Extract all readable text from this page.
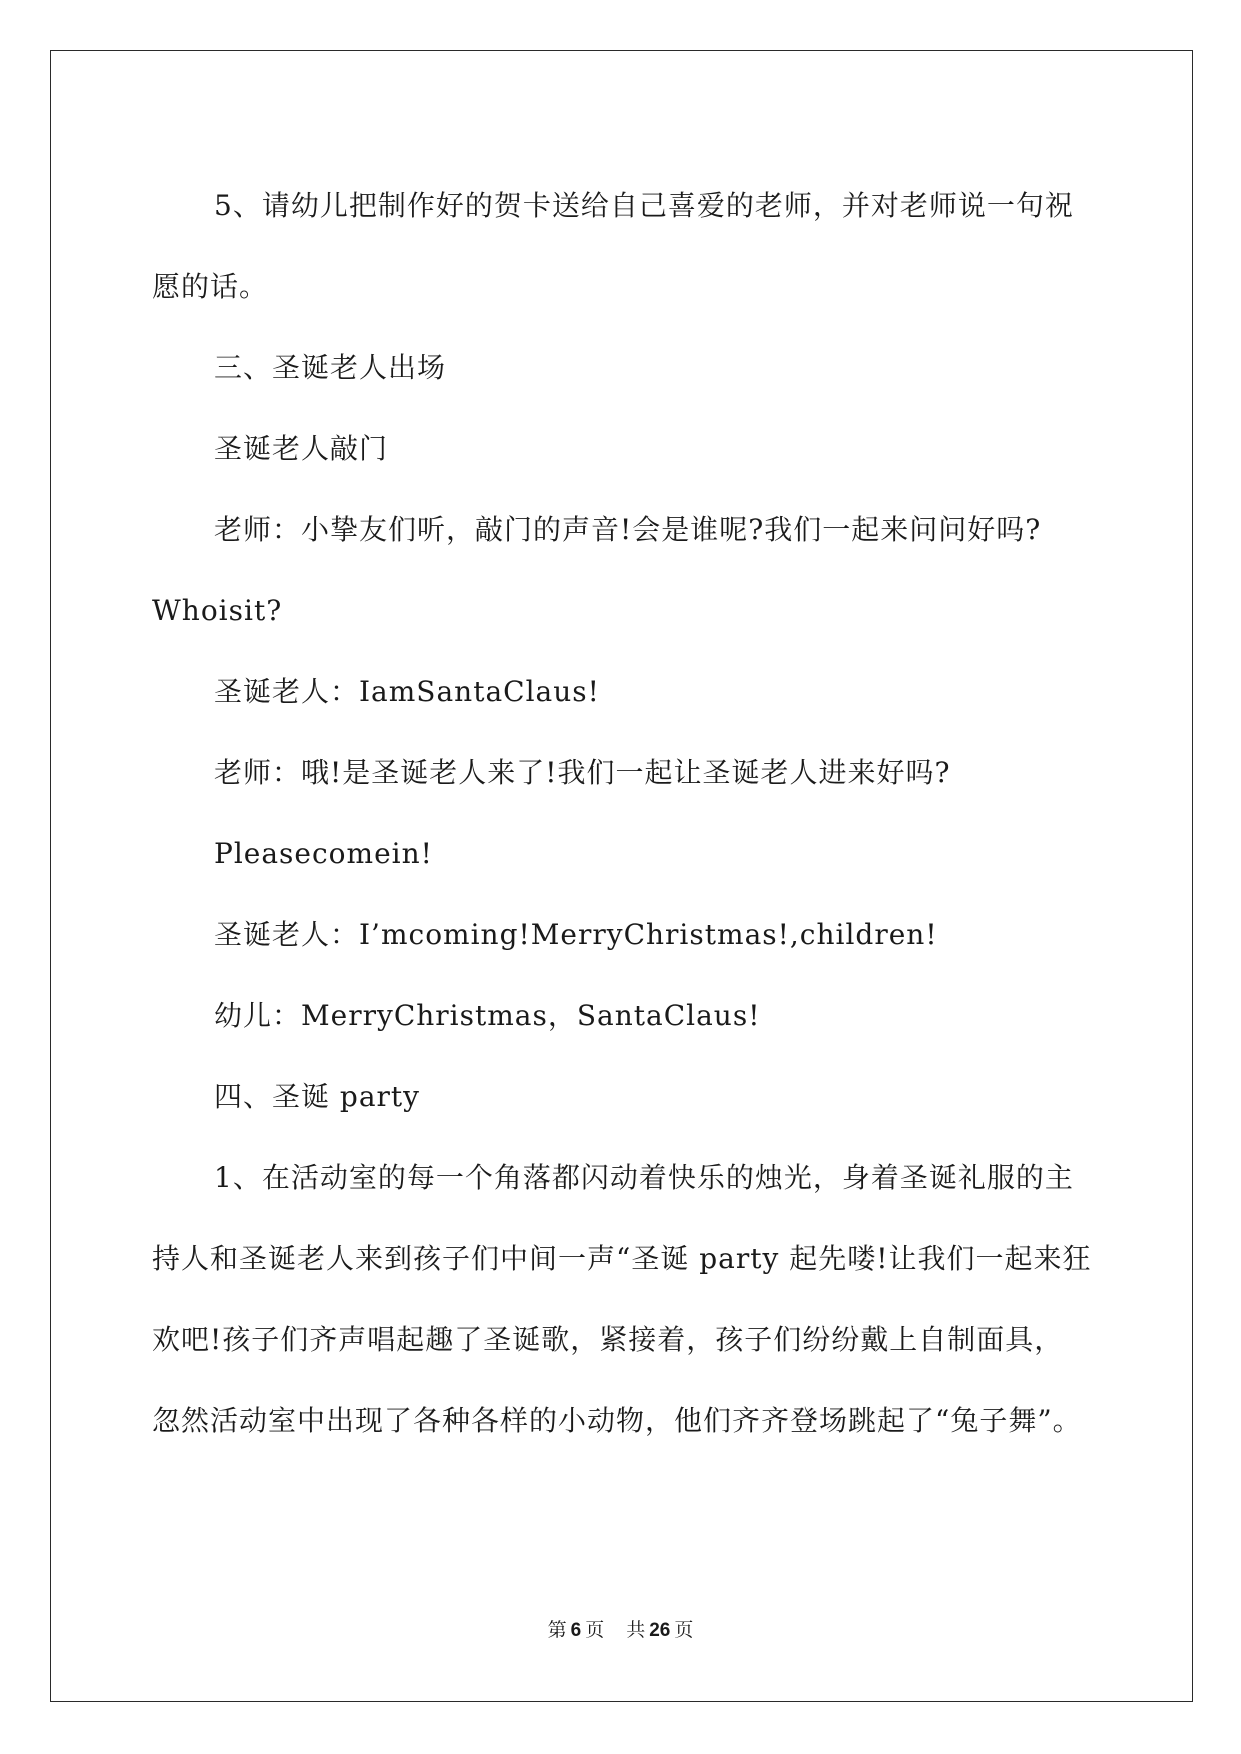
5、请幼儿把制作好的贺卡送给自己喜爱的老师，并对老师说一句祝愿的话。

三、圣诞老人出场

圣诞老人敲门

老师：小挚友们听，敲门的声音!会是谁呢?我们一起来问问好吗?Whoisit?

圣诞老人：IamSantaClaus!

老师：哦!是圣诞老人来了!我们一起让圣诞老人进来好吗?

Pleasecomein!

圣诞老人：I’mcoming!MerryChristmas!,children!

幼儿：MerryChristmas，SantaClaus!

四、圣诞 party

1、在活动室的每一个角落都闪动着快乐的烛光，身着圣诞礼服的主持人和圣诞老人来到孩子们中间一声“圣诞 party 起先喽!让我们一起来狂欢吧!孩子们齐声唱起趣了圣诞歌，紧接着，孩子们纷纷戴上自制面具，忽然活动室中出现了各种各样的小动物，他们齐齐登场跳起了“兔子舞”。

第 6 页 共 26 页
